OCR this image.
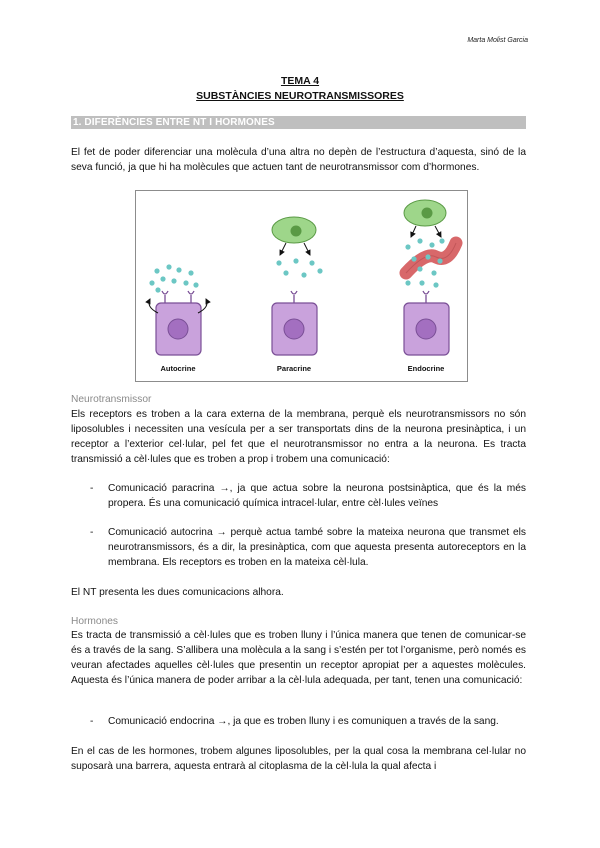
Marta Molist Garcia
TEMA 4
SUBSTÀNCIES NEUROTRANSMISSORES
1. DIFERÈNCIES ENTRE NT I HORMONES
El fet de poder diferenciar una molècula d’una altra no depèn de l’estructura d’aquesta, sinó de la seva funció, ja que hi ha molècules que actuen tant de neurotransmissor com d’hormones.
Autocrine	Paracrine	Endocrine
Neurotransmissor
Els receptors es troben a la cara externa de la membrana, perquè els neurotransmissors no són liposolubles i necessiten una vesícula per a ser transportats dins de la neurona presinàptica, i un receptor a l’exterior cel·lular, pel fet que el neurotransmissor no entra a la neurona. Es tracta transmissió a cèl·lules que es troben a prop i trobem una comunicació:
- Comunicació paracrina →, ja que actua sobre la neurona postsinàptica, que és la més propera. És una comunicació química intracel·lular, entre cèl·lules veïnes
- Comunicació autocrina → perquè actua també sobre la mateixa neurona que transmet els neurotransmissors, és a dir, la presinàptica, com que aquesta presenta autoreceptors en la membrana. Els receptors es troben en la mateixa cèl·lula.
El NT presenta les dues comunicacions alhora.
Hormones
Es tracta de transmissió a cèl·lules que es troben lluny i l’única manera que tenen de comunicar-se és a través de la sang. S’allibera una molècula a la sang i s’estén per tot l’organisme, però només es veuran afectades aquelles cèl·lules que presentin un receptor apropiat per a aquestes molècules. Aquesta és l’única manera de poder arribar a la cèl·lula adequada, per tant, tenen una comunicació:
- Comunicació endocrina →, ja que es troben lluny i es comuniquen a través de la sang.
En el cas de les hormones, trobem algunes liposolubles, per la qual cosa la membrana cel·lular no suposarà una barrera, aquesta entrarà al citoplasma de la cèl·lula la qual afecta i
